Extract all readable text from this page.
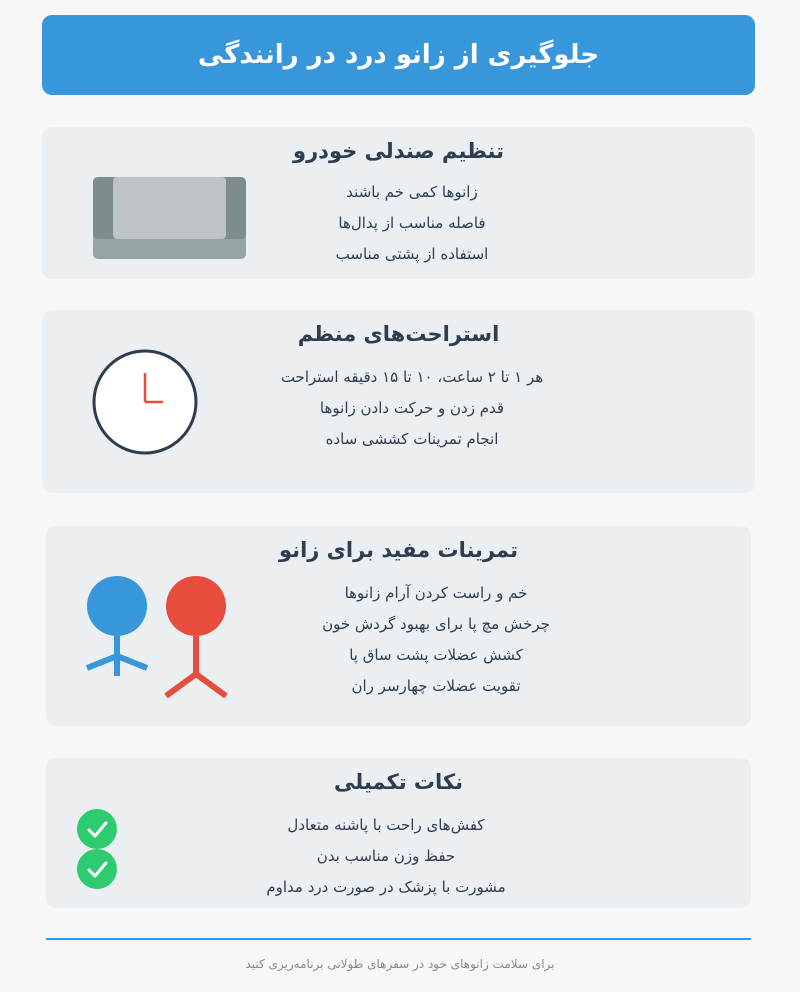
جلوگیری از زانو درد در رانندگی
تنظیم صندلی خودرو
زانوها کمی خم باشند
فاصله مناسب از پدال‌ها
استفاده از پشتی مناسب
استراحت‌های منظم
هر ۱ تا ۲ ساعت، ۱۰ تا ۱۵ دقیقه استراحت
قدم زدن و حرکت دادن زانوها
انجام تمرینات کششی ساده
تمرینات مفید برای زانو
خم و راست کردن آرام زانوها
چرخش مچ پا برای بهبود گردش خون
کشش عضلات پشت ساق پا
تقویت عضلات چهارسر ران
نکات تکمیلی
کفش‌های راحت با پاشنه متعادل
حفظ وزن مناسب بدن
مشورت با پزشک در صورت درد مداوم
برای سلامت زانوهای خود در سفرهای طولانی برنامه‌ریزی کنید
